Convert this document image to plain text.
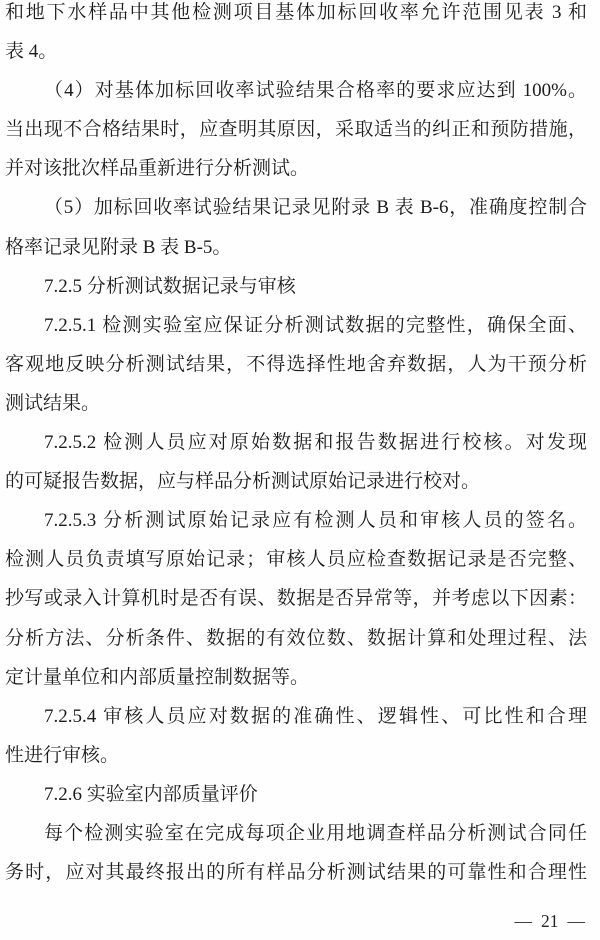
和地下水样品中其他检测项目基体加标回收率允许范围见表 3 和
表 4。
（4）对基体加标回收率试验结果合格率的要求应达到 100%。
当出现不合格结果时，应查明其原因，采取适当的纠正和预防措施，
并对该批次样品重新进行分析测试。
（5）加标回收率试验结果记录见附录 B 表 B-6，准确度控制合
格率记录见附录 B 表 B-5。
7.2.5 分析测试数据记录与审核
7.2.5.1 检测实验室应保证分析测试数据的完整性，确保全面、
客观地反映分析测试结果，不得选择性地舍弃数据，人为干预分析
测试结果。
7.2.5.2 检测人员应对原始数据和报告数据进行校核。对发现
的可疑报告数据，应与样品分析测试原始记录进行校对。
7.2.5.3 分析测试原始记录应有检测人员和审核人员的签名。
检测人员负责填写原始记录；审核人员应检查数据记录是否完整、
抄写或录入计算机时是否有误、数据是否异常等，并考虑以下因素：
分析方法、分析条件、数据的有效位数、数据计算和处理过程、法
定计量单位和内部质量控制数据等。
7.2.5.4 审核人员应对数据的准确性、逻辑性、可比性和合理
性进行审核。
7.2.6 实验室内部质量评价
每个检测实验室在完成每项企业用地调查样品分析测试合同任
务时，应对其最终报出的所有样品分析测试结果的可靠性和合理性
— 21 —
